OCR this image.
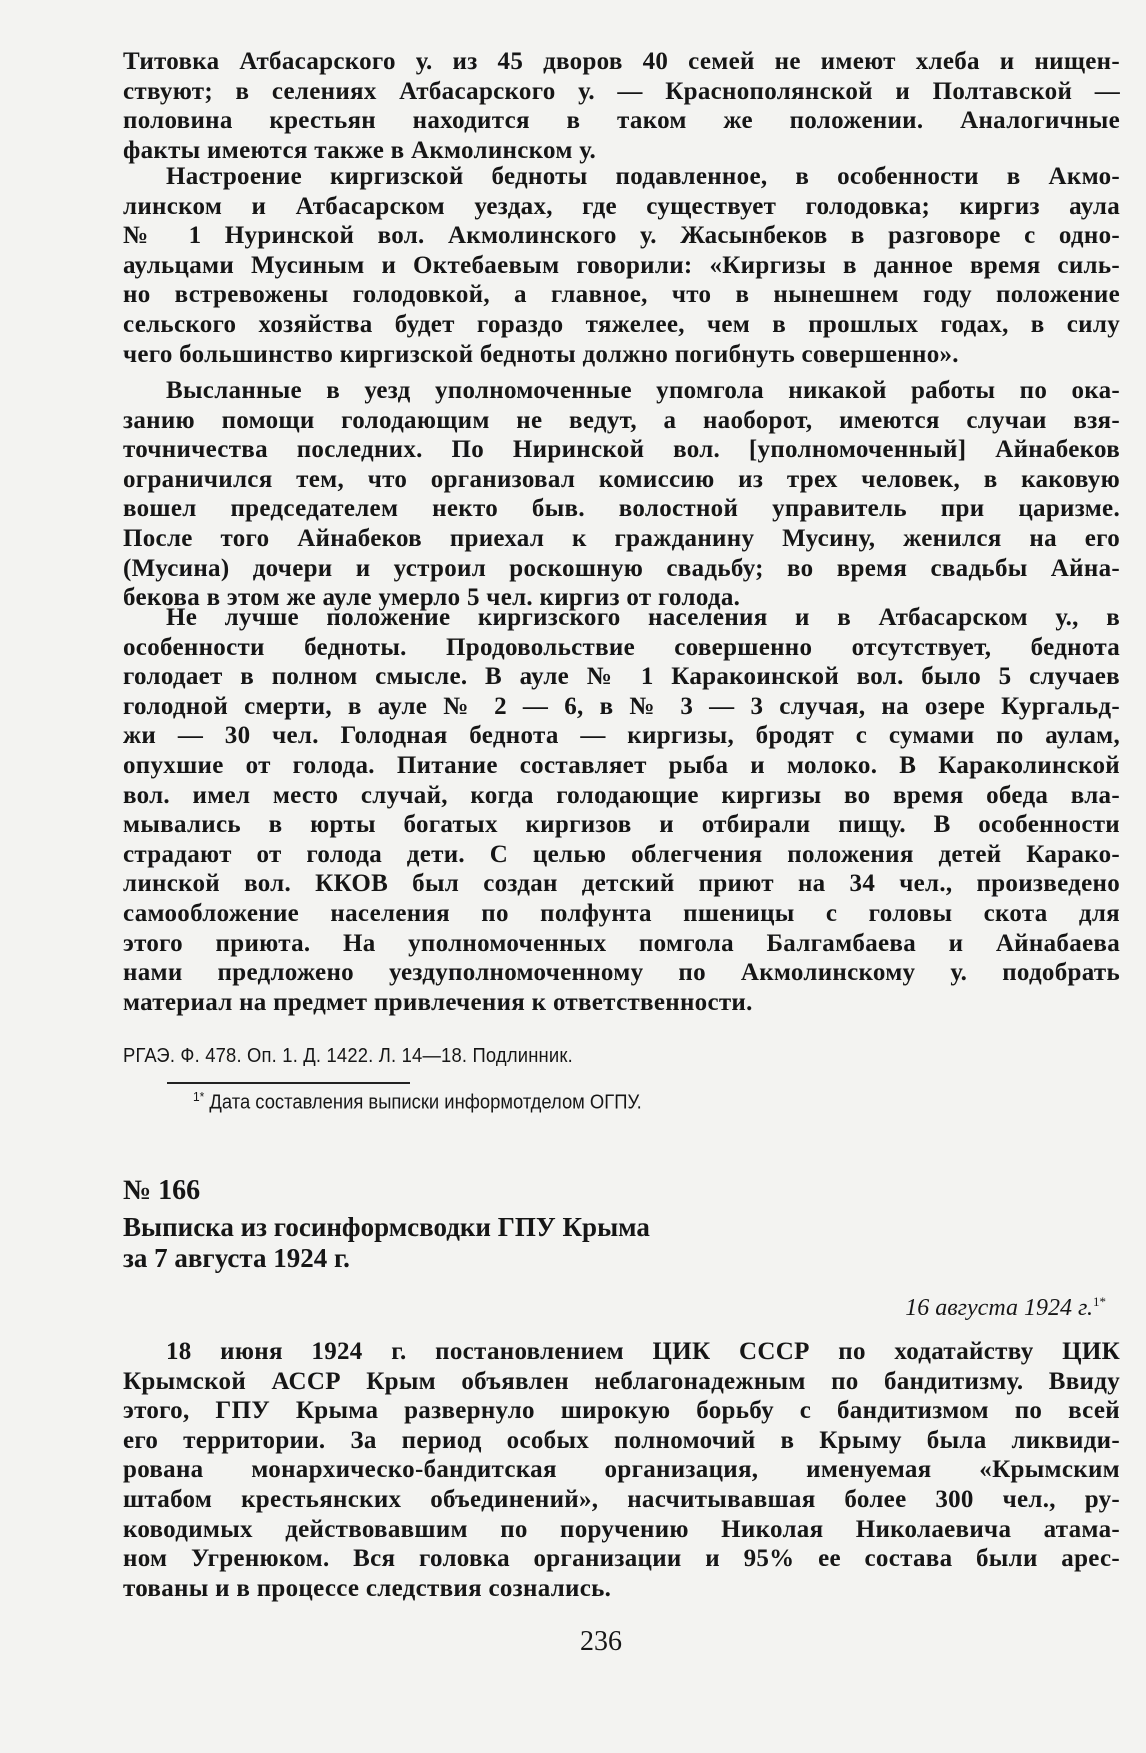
Титовка Атбасарского у. из 45 дворов 40 семей не имеют хлеба и нищен-
ствуют; в селениях Атбасарского у. — Краснополянской и Полтавской —
половина крестьян находится в таком же положении. Аналогичные
факты имеются также в Акмолинском у.
Настроение киргизской бедноты подавленное, в особенности в Акмо-
линском и Атбасарском уездах, где существует голодовка; киргиз аула
№ 1 Нуринской вол. Акмолинского у. Жасынбеков в разговоре с одно-
аульцами Мусиным и Октебаевым говорили: «Киргизы в данное время силь-
но встревожены голодовкой, а главное, что в нынешнем году положение
сельского хозяйства будет гораздо тяжелее, чем в прошлых годах, в силу
чего большинство киргизской бедноты должно погибнуть совершенно».
Высланные в уезд уполномоченные упомгола никакой работы по ока-
занию помощи голодающим не ведут, а наоборот, имеются случаи взя-
точничества последних. По Ниринской вол. [уполномоченный] Айнабеков
ограничился тем, что организовал комиссию из трех человек, в каковую
вошел председателем некто быв. волостной управитель при царизме.
После того Айнабеков приехал к гражданину Мусину, женился на его
(Мусина) дочери и устроил роскошную свадьбу; во время свадьбы Айна-
бекова в этом же ауле умерло 5 чел. киргиз от голода.
Не лучше положение киргизского населения и в Атбасарском у., в
особенности бедноты. Продовольствие совершенно отсутствует, беднота
голодает в полном смысле. В ауле № 1 Каракоинской вол. было 5 случаев
голодной смерти, в ауле № 2 — 6, в № 3 — 3 случая, на озере Кургальд-
жи — 30 чел. Голодная беднота — киргизы, бродят с сумами по аулам,
опухшие от голода. Питание составляет рыба и молоко. В Караколинской
вол. имел место случай, когда голодающие киргизы во время обеда вла-
мывались в юрты богатых киргизов и отбирали пищу. В особенности
страдают от голода дети. С целью облегчения положения детей Карако-
линской вол. ККОВ был создан детский приют на 34 чел., произведено
самообложение населения по полфунта пшеницы с головы скота для
этого приюта. На уполномоченных помгола Балгамбаева и Айнабаева
нами предложено уездуполномоченному по Акмолинскому у. подобрать
материал на предмет привлечения к ответственности.
РГАЭ. Ф. 478. Оп. 1. Д. 1422. Л. 14—18. Подлинник.
$^{1*}$ Дата составления выписки информотделом ОГПУ.
№ 166
Выписка из госинформсводки ГПУ Крыма
за 7 августа 1924 г.
16 августа 1924 г.$^{1*}$
18 июня 1924 г. постановлением ЦИК СССР по ходатайству ЦИК
Крымской АССР Крым объявлен неблагонадежным по бандитизму. Ввиду
этого, ГПУ Крыма развернуло широкую борьбу с бандитизмом по всей
его территории. За период особых полномочий в Крыму была ликвиди-
рована монархическо-бандитская организация, именуемая «Крымским
штабом крестьянских объединений», насчитывавшая более 300 чел., ру-
ководимых действовавшим по поручению Николая Николаевича атама-
ном Угренюком. Вся головка организации и 95% ее состава были арес-
тованы и в процессе следствия сознались.
236
